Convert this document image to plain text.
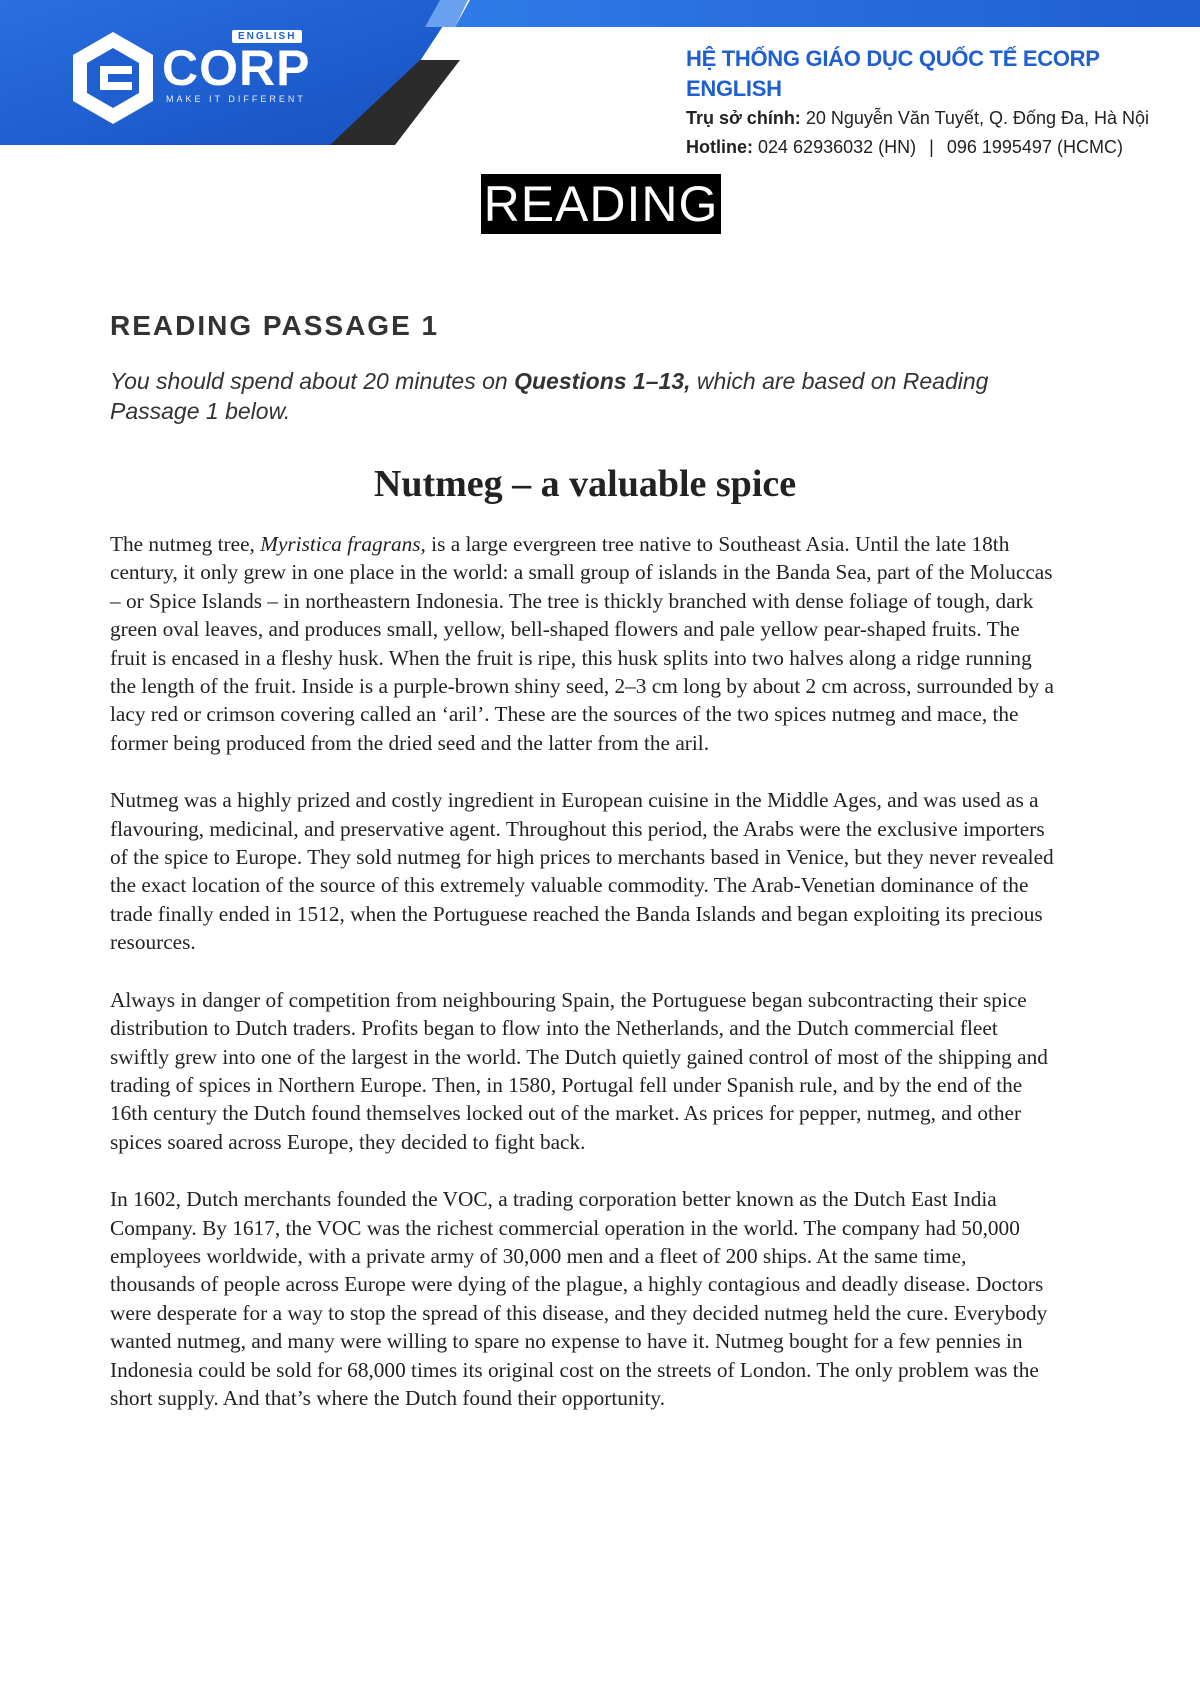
ENGLISH
CORP
MAKE IT DIFFERENT
HỆ THỐNG GIÁO DỤC QUỐC TẾ ECORP ENGLISH
Trụ sở chính: 20 Nguyễn Văn Tuyết, Q. Đống Đa, Hà Nội
Hotline: 024 62936032 (HN) | 096 1995497 (HCMC)
READING
READING PASSAGE 1
You should spend about 20 minutes on Questions 1–13, which are based on Reading Passage 1 below.
Nutmeg – a valuable spice

The nutmeg tree, Myristica fragrans, is a large evergreen tree native to Southeast Asia. Until the late 18th century, it only grew in one place in the world: a small group of islands in the Banda Sea, part of the Moluccas – or Spice Islands – in northeastern Indonesia. The tree is thickly branched with dense foliage of tough, dark green oval leaves, and produces small, yellow, bell-shaped flowers and pale yellow pear-shaped fruits. The fruit is encased in a fleshy husk. When the fruit is ripe, this husk splits into two halves along a ridge running the length of the fruit. Inside is a purple-brown shiny seed, 2–3 cm long by about 2 cm across, surrounded by a lacy red or crimson covering called an ‘aril’. These are the sources of the two spices nutmeg and mace, the former being produced from the dried seed and the latter from the aril.

Nutmeg was a highly prized and costly ingredient in European cuisine in the Middle Ages, and was used as a flavouring, medicinal, and preservative agent. Throughout this period, the Arabs were the exclusive importers of the spice to Europe. They sold nutmeg for high prices to merchants based in Venice, but they never revealed the exact location of the source of this extremely valuable commodity. The Arab-Venetian dominance of the trade finally ended in 1512, when the Portuguese reached the Banda Islands and began exploiting its precious resources.

Always in danger of competition from neighbouring Spain, the Portuguese began subcontracting their spice distribution to Dutch traders. Profits began to flow into the Netherlands, and the Dutch commercial fleet swiftly grew into one of the largest in the world. The Dutch quietly gained control of most of the shipping and trading of spices in Northern Europe. Then, in 1580, Portugal fell under Spanish rule, and by the end of the 16th century the Dutch found themselves locked out of the market. As prices for pepper, nutmeg, and other spices soared across Europe, they decided to fight back.

In 1602, Dutch merchants founded the VOC, a trading corporation better known as the Dutch East India Company. By 1617, the VOC was the richest commercial operation in the world. The company had 50,000 employees worldwide, with a private army of 30,000 men and a fleet of 200 ships. At the same time, thousands of people across Europe were dying of the plague, a highly contagious and deadly disease. Doctors were desperate for a way to stop the spread of this disease, and they decided nutmeg held the cure. Everybody wanted nutmeg, and many were willing to spare no expense to have it. Nutmeg bought for a few pennies in Indonesia could be sold for 68,000 times its original cost on the streets of London. The only problem was the short supply. And that’s where the Dutch found their opportunity.
